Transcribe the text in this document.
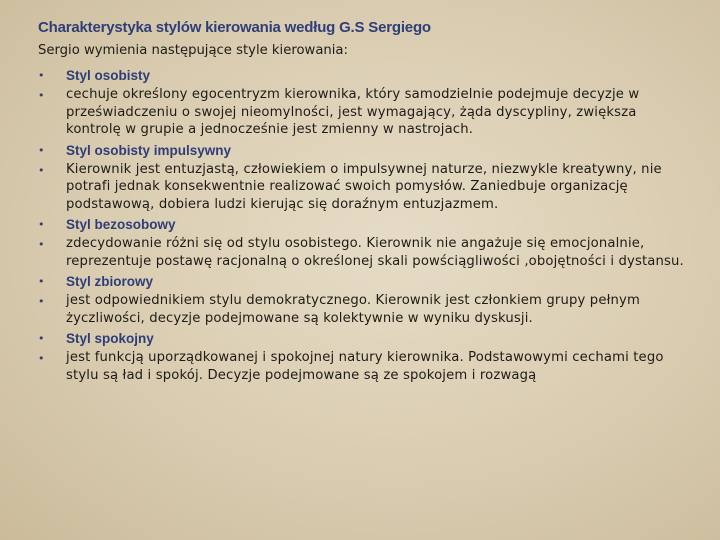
Charakterystyka stylów kierowania według G.S Sergiego
Sergio wymienia następujące style kierowania:
• Styl osobisty
• cechuje określony egocentryzm kierownika, który samodzielnie podejmuje decyzje w przeświadczeniu o swojej nieomylności, jest wymagający, żąda dyscypliny, zwiększa kontrolę w grupie a jednocześnie jest zmienny w nastrojach.
• Styl osobisty impulsywny
• Kierownik jest entuzjastą, człowiekiem o impulsywnej naturze, niezwykle kreatywny, nie potrafi jednak konsekwentnie realizować swoich pomysłów. Zaniedbuje organizację podstawową, dobiera ludzi kierując się doraźnym entuzjazmem.
• Styl bezosobowy
• zdecydowanie różni się od stylu osobistego. Kierownik nie angażuje się emocjonalnie, reprezentuje postawę racjonalną o określonej skali powściągliwości ,obojętności i dystansu.
• Styl zbiorowy
• jest odpowiednikiem stylu demokratycznego. Kierownik jest członkiem grupy pełnym życzliwości, decyzje podejmowane są kolektywnie w wyniku dyskusji.
• Styl spokojny
• jest funkcją uporządkowanej i spokojnej natury kierownika. Podstawowymi cechami tego stylu są ład i spokój. Decyzje podejmowane są ze spokojem i rozwagą
